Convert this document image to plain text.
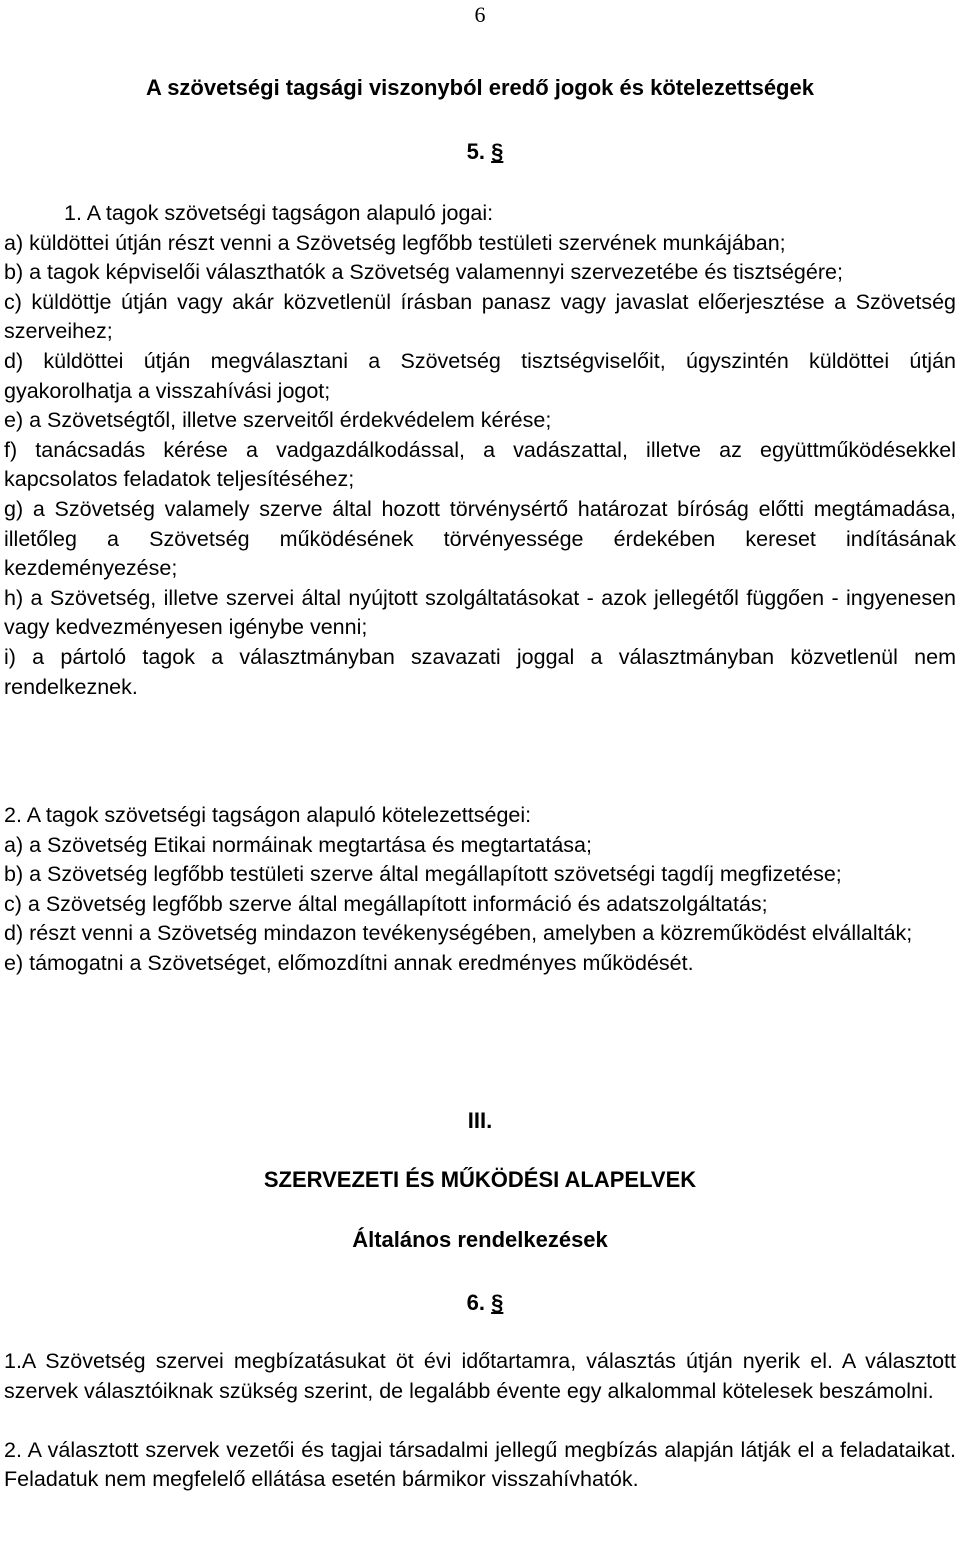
6
A szövetségi tagsági viszonyból eredő jogok és kötelezettségek
5. §

1. A tagok szövetségi tagságon alapuló jogai:

a) küldöttei útján részt venni a Szövetség legfőbb testületi szervének munkájában;

b) a tagok képviselői választhatók a Szövetség valamennyi szervezetébe és tisztségére;

c) küldöttje útján vagy akár közvetlenül írásban panasz vagy javaslat előerjesztése a Szövetség szerveihez;

d) küldöttei útján megválasztani a Szövetség tisztségviselőit, úgyszintén küldöttei útján gyakorolhatja a visszahívási jogot;

e) a Szövetségtől, illetve szerveitől érdekvédelem kérése;

f) tanácsadás kérése a vadgazdálkodással, a vadászattal, illetve az együttműködésekkel kapcsolatos feladatok teljesítéséhez;

g) a Szövetség valamely szerve által hozott törvénysértő határozat bíróság előtti megtámadása, illetőleg a Szövetség működésének törvényessége érdekében kereset indításának kezdeményezése;

h) a Szövetség, illetve szervei által nyújtott szolgáltatásokat - azok jellegétől függően - ingyenesen vagy kedvezményesen igénybe venni;

i) a pártoló tagok a választmányban szavazati joggal a választmányban közvetlenül nem rendelkeznek.

2. A tagok szövetségi tagságon alapuló kötelezettségei:

a) a Szövetség Etikai normáinak megtartása és megtartatása;

b) a Szövetség legfőbb testületi szerve által megállapított szövetségi tagdíj megfizetése;

c) a Szövetség legfőbb szerve által megállapított információ és adatszolgáltatás;

d) részt venni a Szövetség mindazon tevékenységében, amelyben a közreműködést elvállalták;

e) támogatni a Szövetséget, előmozdítni annak eredményes működését.

III.
SZERVEZETI ÉS MŰKÖDÉSI ALAPELVEK
Általános rendelkezések
6. §

1.A Szövetség szervei megbízatásukat öt évi időtartamra, választás útján nyerik el. A választott szervek választóiknak szükség szerint, de legalább évente egy alkalommal kötelesek beszámolni.

2. A választott szervek vezetői és tagjai társadalmi jellegű megbízás alapján látják el a feladataikat. Feladatuk nem megfelelő ellátása esetén bármikor visszahívhatók.
